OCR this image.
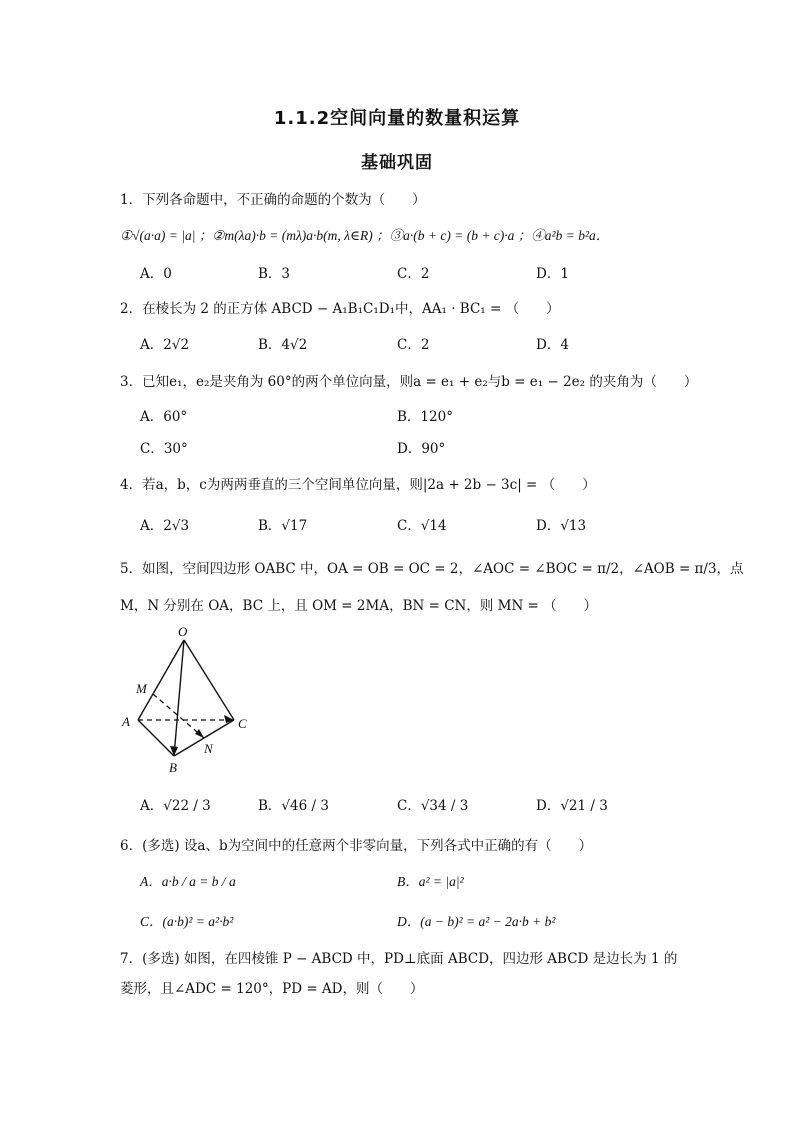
1.1.2空间向量的数量积运算
基础巩固
1．下列各命题中，不正确的命题的个数为（　　）
①√(a·a) = |a| ；②m(λa)·b = (mλ)a·b(m, λ∈R) ；③a·(b + c) = (b + c)·a ；④a²b = b²a．
A．0	B．3	C．2	D．1
2．在棱长为 2 的正方体 ABCD − A₁B₁C₁D₁中，AA₁ · BC₁ = （　　）
A．2√2	B．4√2	C．2	D．4
3．已知e₁，e₂是夹角为 60°的两个单位向量，则a = e₁ + e₂与b = e₁ − 2e₂ 的夹角为（　　）
A．60°	B．120°
C．30°	D．90°
4．若a，b，c为两两垂直的三个空间单位向量，则|2a + 2b − 3c| = （　　）
A．2√3	B．√17	C．√14	D．√13
5．如图，空间四边形 OABC 中，OA = OB = OC = 2，∠AOC = ∠BOC = π/2，∠AOB = π/3，点
M，N 分别在 OA，BC 上，且 OM = 2MA，BN = CN，则 MN = （　　）
O
M
A
B
C
N
A．√22 / 3	B．√46 / 3	C．√34 / 3	D．√21 / 3
6．(多选) 设a、b为空间中的任意两个非零向量，下列各式中正确的有（　　）
A．a·b / a = b / a	B．a² = |a|²
C．(a·b)² = a²·b²	D．(a − b)² = a² − 2a·b + b²
7．(多选) 如图，在四棱锥 P − ABCD 中，PD⊥底面 ABCD，四边形 ABCD 是边长为 1 的
菱形，且∠ADC = 120°，PD = AD，则（　　）
